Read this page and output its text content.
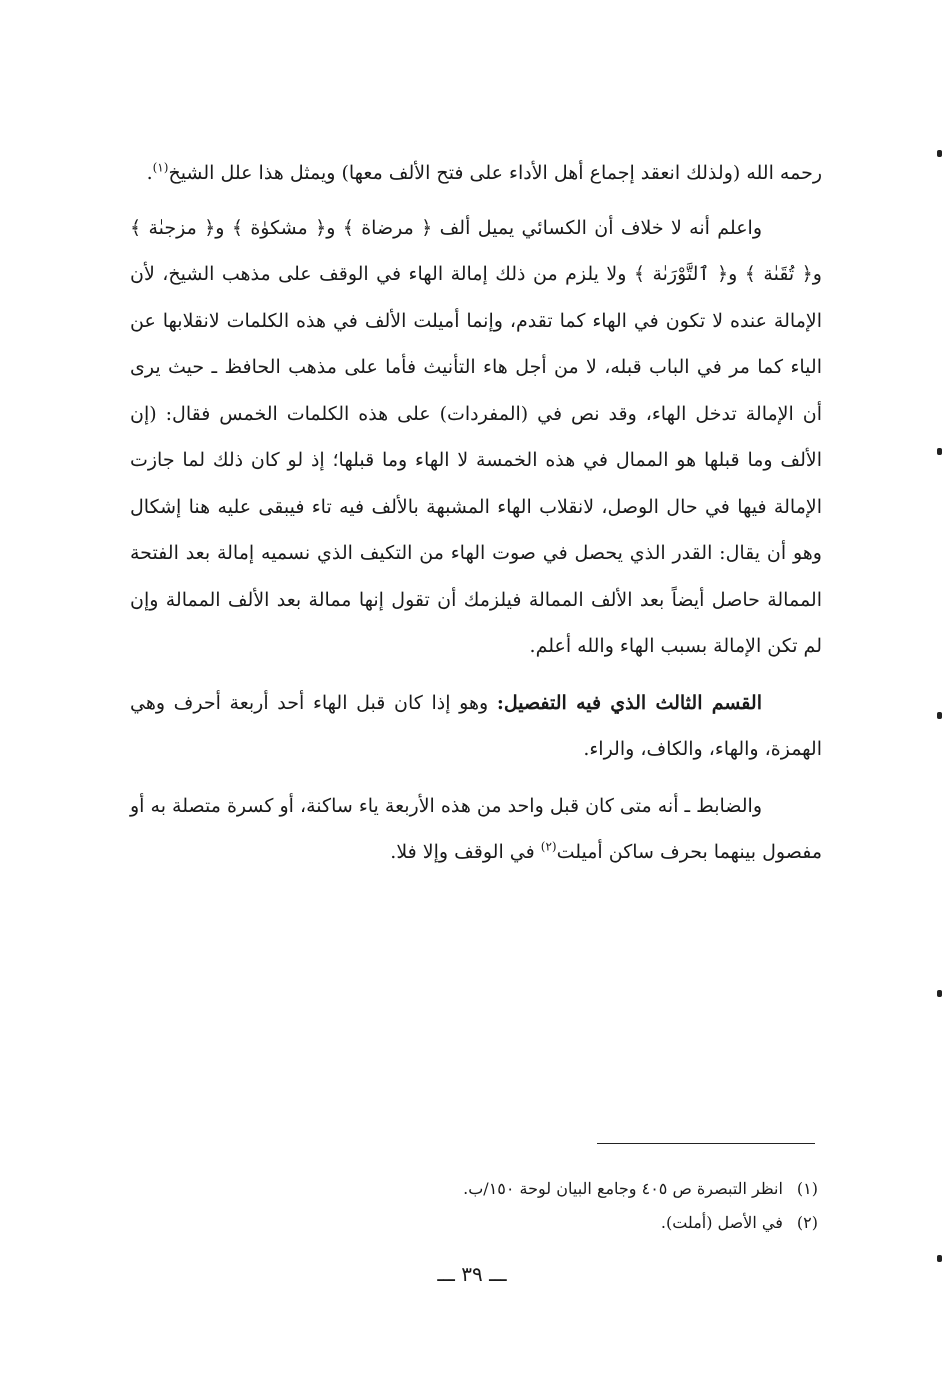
رحمه الله (ولذلك انعقد إجماع أهل الأداء على فتح الألف معها) ويمثل هذا علل الشيخ$^{(١)}$.

واعلم أنه لا خلاف أن الكسائي يميل ألف ﴿ مرضاة ﴾ و﴿ مشكوٰة ﴾ و﴿ مزجىٰة ﴾ و﴿ تُقَىٰة ﴾ و﴿ ٱلتَّوْرَىٰة ﴾ ولا يلزم من ذلك إمالة الهاء في الوقف على مذهب الشيخ، لأن الإمالة عنده لا تكون في الهاء كما تقدم، وإنما أميلت الألف في هذه الكلمات لانقلابها عن الياء كما مر في الباب قبله، لا من أجل هاء التأنيث فأما على مذهب الحافظ ـ حيث يرى أن الإمالة تدخل الهاء، وقد نص في (المفردات) على هذه الكلمات الخمس فقال: (إن الألف وما قبلها هو الممال في هذه الخمسة لا الهاء وما قبلها؛ إذ لو كان ذلك لما جازت الإمالة فيها في حال الوصل، لانقلاب الهاء المشبهة بالألف فيه تاء فيبقى عليه هنا إشكال وهو أن يقال: القدر الذي يحصل في صوت الهاء من التكيف الذي نسميه إمالة بعد الفتحة الممالة حاصل أيضاً بعد الألف الممالة فيلزمك أن تقول إنها ممالة بعد الألف الممالة وإن لم تكن الإمالة بسبب الهاء والله أعلم.

القسم الثالث الذي فيه التفصيل: وهو إذا كان قبل الهاء أحد أربعة أحرف وهي الهمزة، والهاء، والكاف، والراء.

والضابط ـ أنه متى كان قبل واحد من هذه الأربعة ياء ساكنة، أو كسرة متصلة به أو مفصول بينهما بحرف ساكن أميلت$^{(٢)}$ في الوقف وإلا فلا.

(١)انظر التبصرة ص ٤٠٥ وجامع البيان لوحة ١٥٠/ب.
(٢)في الأصل (أملت).
ـــ ٣٩ ـــ
